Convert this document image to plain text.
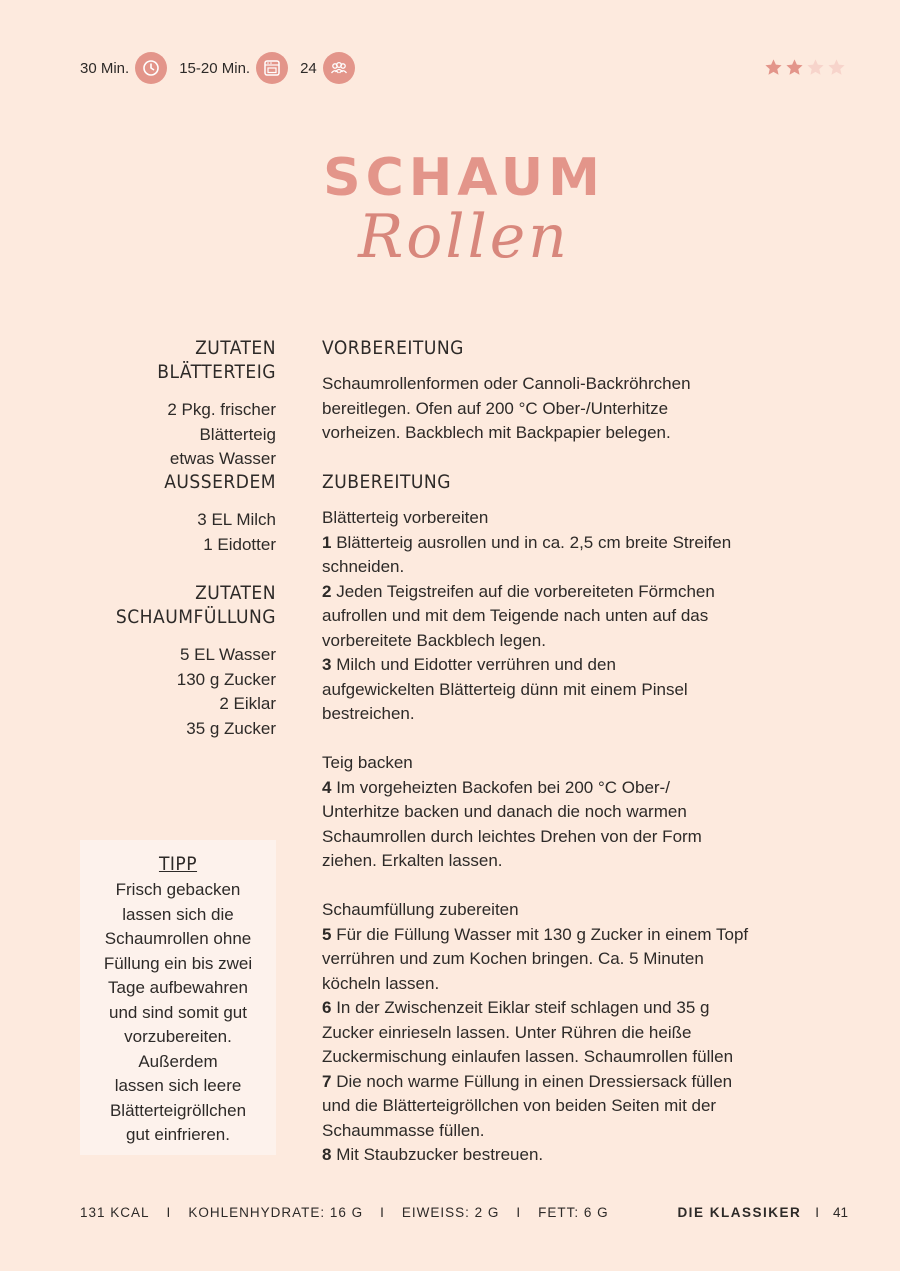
30 Min.	15-20 Min.	24
SCHAUM
Rollen
ZUTATEN BLÄTTERTEIG
2 Pkg. frischer
Blätterteig
etwas Wasser
AUSSERDEM
3 EL Milch
1 Eidotter
ZUTATEN
SCHAUMFÜLLUNG
5 EL Wasser
130 g Zucker
2 Eiklar
35 g Zucker
TIPP
Frisch gebacken
lassen sich die
Schaumrollen ohne
Füllung ein bis zwei
Tage aufbewahren
und sind somit gut
vorzubereiten.
Außerdem
lassen sich leere
Blätterteigröllchen
gut einfrieren.
VORBEREITUNG
Schaumrollenformen oder Cannoli-Backröhrchen
bereitlegen. Ofen auf 200 °C Ober-/Unterhitze
vorheizen. Backblech mit Backpapier belegen.
ZUBEREITUNG
Blätterteig vorbereiten
1 Blätterteig ausrollen und in ca. 2,5 cm breite Streifen
schneiden.
2 Jeden Teigstreifen auf die vorbereiteten Förmchen
aufrollen und mit dem Teigende nach unten auf das
vorbereitete Backblech legen.
3 Milch und Eidotter verrühren und den
aufgewickelten Blätterteig dünn mit einem Pinsel
bestreichen.
Teig backen
4 Im vorgeheizten Backofen bei 200 °C Ober-/
Unterhitze backen und danach die noch warmen
Schaumrollen durch leichtes Drehen von der Form
ziehen. Erkalten lassen.
Schaumfüllung zubereiten
5 Für die Füllung Wasser mit 130 g Zucker in einem Topf
verrühren und zum Kochen bringen. Ca. 5 Minuten
köcheln lassen.
6 In der Zwischenzeit Eiklar steif schlagen und 35 g
Zucker einrieseln lassen. Unter Rühren die heiße
Zuckermischung einlaufen lassen. Schaumrollen füllen
7 Die noch warme Füllung in einen Dressiersack füllen
und die Blätterteigröllchen von beiden Seiten mit der
Schaummasse füllen.
8 Mit Staubzucker bestreuen.
131 KCAL I KOHLENHYDRATE: 16 G I EIWEISS: 2 G I FETT: 6 G	DIE KLASSIKER I 41
